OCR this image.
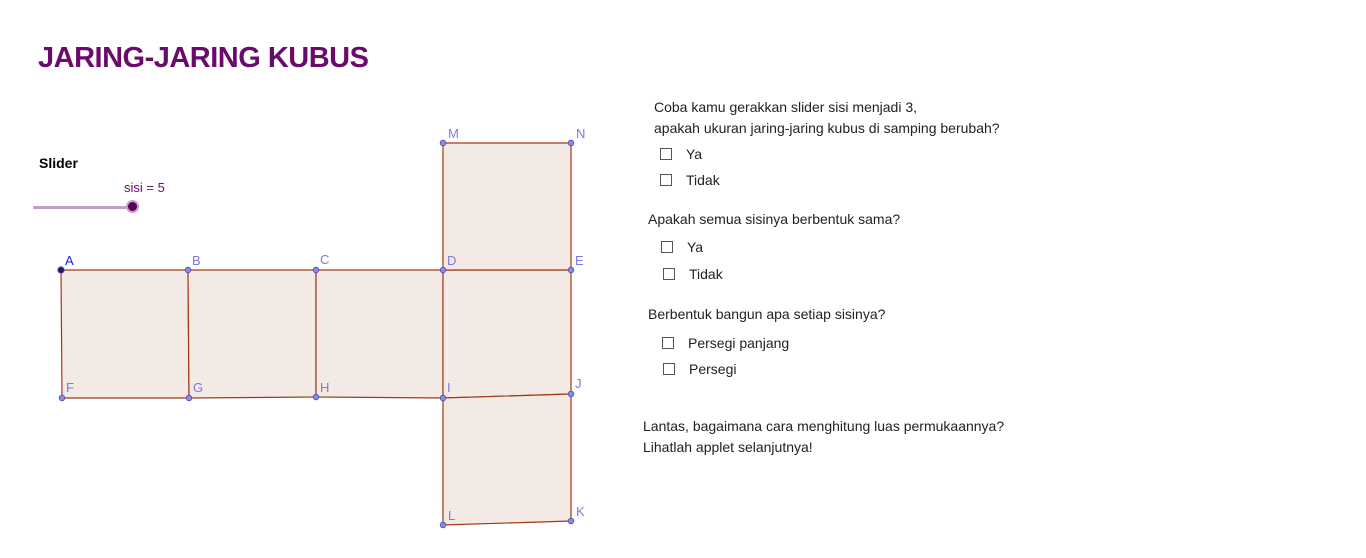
JARING-JARING KUBUS
Slider
sisi = 5
A	B	C	D	E
F	G	H	I	J
K
L
M	N
Coba kamu gerakkan slider sisi menjadi 3,
apakah ukuran jaring-jaring kubus di samping berubah?
Ya
Tidak
Apakah semua sisinya berbentuk sama?
Ya
Tidak
Berbentuk bangun apa setiap sisinya?
Persegi panjang
Persegi
Lantas, bagaimana cara menghitung luas permukaannya?
Lihatlah applet selanjutnya!
